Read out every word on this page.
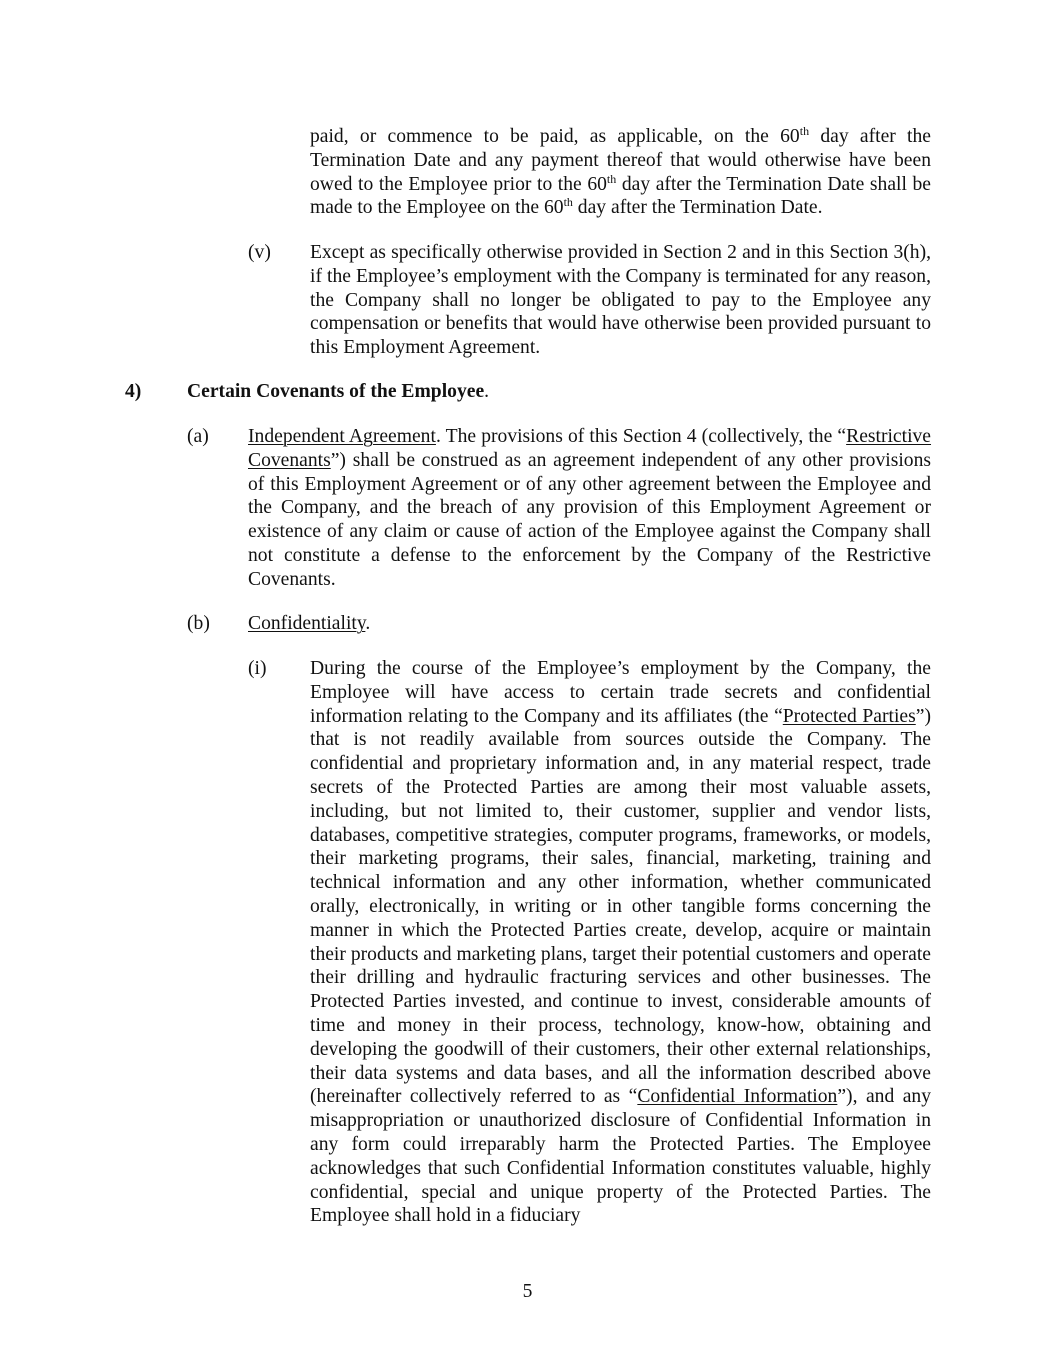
paid, or commence to be paid, as applicable, on the 60th day after the Termination Date and any payment thereof that would otherwise have been owed to the Employee prior to the 60th day after the Termination Date shall be made to the Employee on the 60th day after the Termination Date.

(v) Except as specifically otherwise provided in Section 2 and in this Section 3(h), if the Employee’s employment with the Company is terminated for any reason, the Company shall no longer be obligated to pay to the Employee any compensation or benefits that would have otherwise been provided pursuant to this Employment Agreement.

4) Certain Covenants of the Employee.

(a) Independent Agreement. The provisions of this Section 4 (collectively, the “Restrictive Covenants”) shall be construed as an agreement independent of any other provisions of this Employment Agreement or of any other agreement between the Employee and the Company, and the breach of any provision of this Employment Agreement or existence of any claim or cause of action of the Employee against the Company shall not constitute a defense to the enforcement by the Company of the Restrictive Covenants.

(b) Confidentiality.

(i) During the course of the Employee’s employment by the Company, the Employee will have access to certain trade secrets and confidential information relating to the Company and its affiliates (the “Protected Parties”) that is not readily available from sources outside the Company. The confidential and proprietary information and, in any material respect, trade secrets of the Protected Parties are among their most valuable assets, including, but not limited to, their customer, supplier and vendor lists, databases, competitive strategies, computer programs, frameworks, or models, their marketing programs, their sales, financial, marketing, training and technical information and any other information, whether communicated orally, electronically, in writing or in other tangible forms concerning the manner in which the Protected Parties create, develop, acquire or maintain their products and marketing plans, target their potential customers and operate their drilling and hydraulic fracturing services and other businesses. The Protected Parties invested, and continue to invest, considerable amounts of time and money in their process, technology, know-how, obtaining and developing the goodwill of their customers, their other external relationships, their data systems and data bases, and all the information described above (hereinafter collectively referred to as “Confidential Information”), and any misappropriation or unauthorized disclosure of Confidential Information in any form could irreparably harm the Protected Parties. The Employee acknowledges that such Confidential Information constitutes valuable, highly confidential, special and unique property of the Protected Parties. The Employee shall hold in a fiduciary

5
